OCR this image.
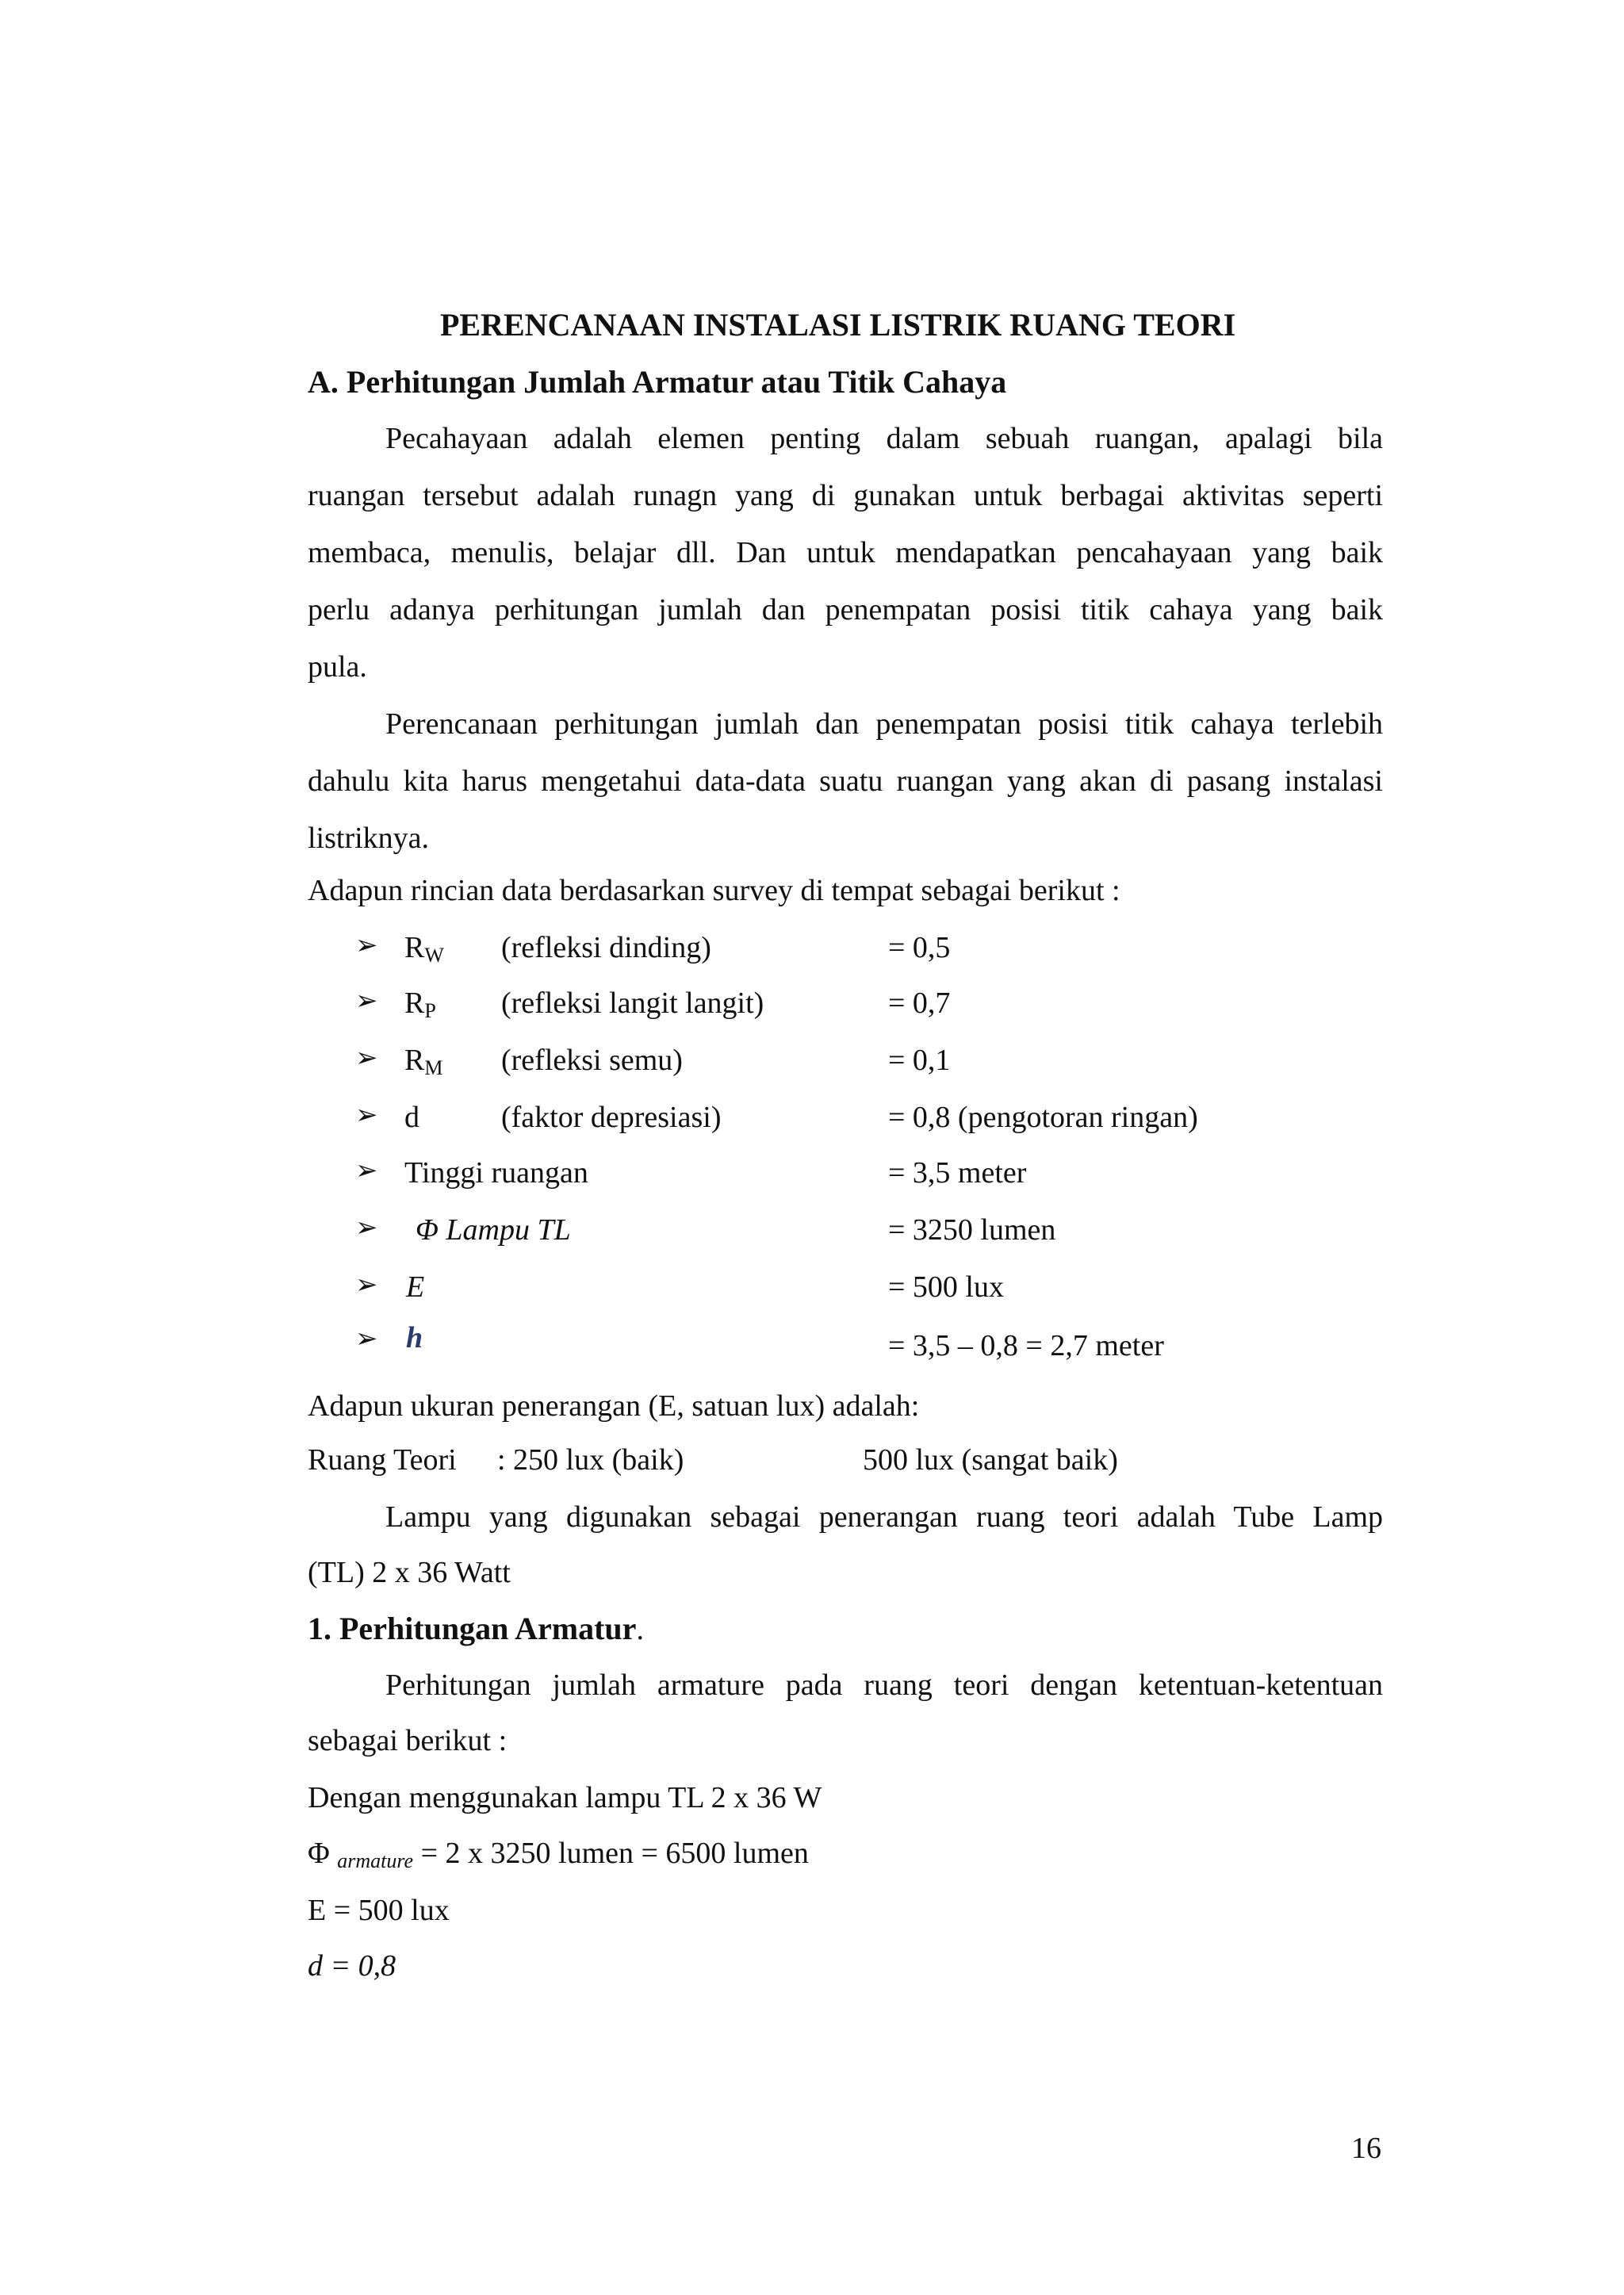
PERENCANAAN INSTALASI LISTRIK RUANG TEORI
A. Perhitungan Jumlah Armatur atau Titik Cahaya
Pecahayaan adalah elemen penting dalam sebuah ruangan, apalagi bila
ruangan tersebut adalah runagn yang di gunakan untuk berbagai aktivitas seperti
membaca, menulis, belajar dll. Dan untuk mendapatkan pencahayaan yang baik
perlu adanya perhitungan jumlah dan penempatan posisi titik cahaya yang baik
pula.
Perencanaan perhitungan jumlah dan penempatan posisi titik cahaya terlebih
dahulu kita harus mengetahui data-data suatu ruangan yang akan di pasang instalasi
listriknya.
Adapun rincian data berdasarkan survey di tempat sebagai berikut :
➢ $R_W$ (refleksi dinding)	= 0,5
➢ $R_P$ (refleksi langit langit)	= 0,7
➢ $R_M$ (refleksi semu)	= 0,1
➢ d	(faktor depresiasi)	= 0,8 (pengotoran ringan)
➢ Tinggi ruangan	= 3,5 meter
➢ Φ Lampu TL	= 3250 lumen
➢ E	= 500 lux
➢ h	= 3,5 – 0,8 = 2,7 meter
Adapun ukuran penerangan (E, satuan lux) adalah:
Ruang Teori : 250 lux (baik)	500 lux (sangat baik)
Lampu yang digunakan sebagai penerangan ruang teori adalah Tube Lamp
(TL) 2 x 36 Watt
1. Perhitungan Armatur.
Perhitungan jumlah armature pada ruang teori dengan ketentuan-ketentuan
sebagai berikut :
Dengan menggunakan lampu TL 2 x 36 W
Φ armature = 2 x 3250 lumen = 6500 lumen
E = 500 lux
d = 0,8
16
